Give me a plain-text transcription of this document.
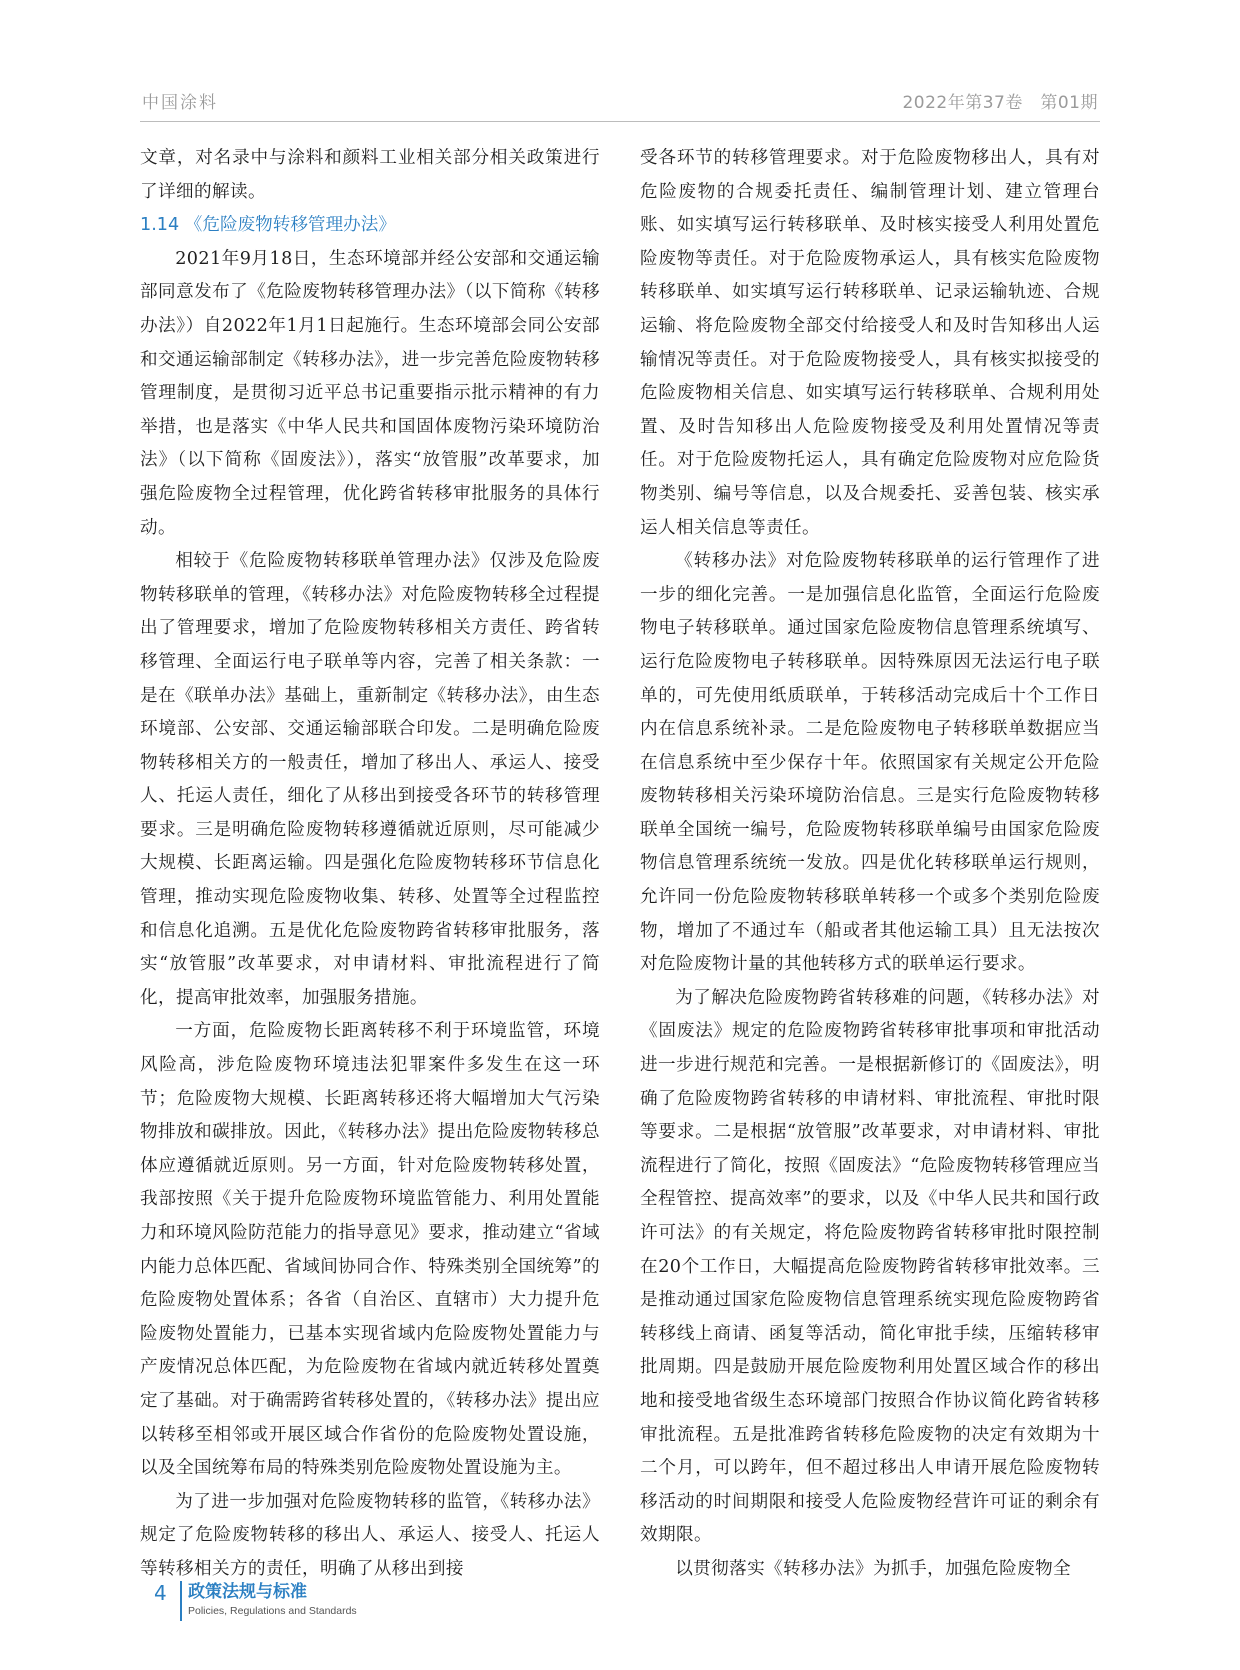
中国涂料	2022年第37卷　第01期

文章，对名录中与涂料和颜料工业相关部分相关政策进行了详细的解读。

1.14 《危险废物转移管理办法》

2021年9月18日，生态环境部并经公安部和交通运输部同意发布了《危险废物转移管理办法》（以下简称《转移办法》）自2022年1月1日起施行。生态环境部会同公安部和交通运输部制定《转移办法》，进一步完善危险废物转移管理制度，是贯彻习近平总书记重要指示批示精神的有力举措，也是落实《中华人民共和国固体废物污染环境防治法》（以下简称《固废法》），落实“放管服”改革要求，加强危险废物全过程管理，优化跨省转移审批服务的具体行动。

相较于《危险废物转移联单管理办法》仅涉及危险废物转移联单的管理，《转移办法》对危险废物转移全过程提出了管理要求，增加了危险废物转移相关方责任、跨省转移管理、全面运行电子联单等内容，完善了相关条款：一是在《联单办法》基础上，重新制定《转移办法》，由生态环境部、公安部、交通运输部联合印发。二是明确危险废物转移相关方的一般责任，增加了移出人、承运人、接受人、托运人责任，细化了从移出到接受各环节的转移管理要求。三是明确危险废物转移遵循就近原则，尽可能减少大规模、长距离运输。四是强化危险废物转移环节信息化管理，推动实现危险废物收集、转移、处置等全过程监控和信息化追溯。五是优化危险废物跨省转移审批服务，落实“放管服”改革要求，对申请材料、审批流程进行了简化，提高审批效率，加强服务措施。

一方面，危险废物长距离转移不利于环境监管，环境风险高，涉危险废物环境违法犯罪案件多发生在这一环节；危险废物大规模、长距离转移还将大幅增加大气污染物排放和碳排放。因此，《转移办法》提出危险废物转移总体应遵循就近原则。另一方面，针对危险废物转移处置，我部按照《关于提升危险废物环境监管能力、利用处置能力和环境风险防范能力的指导意见》要求，推动建立“省域内能力总体匹配、省域间协同合作、特殊类别全国统筹”的危险废物处置体系；各省（自治区、直辖市）大力提升危险废物处置能力，已基本实现省域内危险废物处置能力与产废情况总体匹配，为危险废物在省域内就近转移处置奠定了基础。对于确需跨省转移处置的，《转移办法》提出应以转移至相邻或开展区域合作省份的危险废物处置设施，以及全国统筹布局的特殊类别危险废物处置设施为主。

为了进一步加强对危险废物转移的监管，《转移办法》规定了危险废物转移的移出人、承运人、接受人、托运人等转移相关方的责任，明确了从移出到接

受各环节的转移管理要求。对于危险废物移出人，具有对危险废物的合规委托责任、编制管理计划、建立管理台账、如实填写运行转移联单、及时核实接受人利用处置危险废物等责任。对于危险废物承运人，具有核实危险废物转移联单、如实填写运行转移联单、记录运输轨迹、合规运输、将危险废物全部交付给接受人和及时告知移出人运输情况等责任。对于危险废物接受人，具有核实拟接受的危险废物相关信息、如实填写运行转移联单、合规利用处置、及时告知移出人危险废物接受及利用处置情况等责任。对于危险废物托运人，具有确定危险废物对应危险货物类别、编号等信息，以及合规委托、妥善包装、核实承运人相关信息等责任。

《转移办法》对危险废物转移联单的运行管理作了进一步的细化完善。一是加强信息化监管，全面运行危险废物电子转移联单。通过国家危险废物信息管理系统填写、运行危险废物电子转移联单。因特殊原因无法运行电子联单的，可先使用纸质联单，于转移活动完成后十个工作日内在信息系统补录。二是危险废物电子转移联单数据应当在信息系统中至少保存十年。依照国家有关规定公开危险废物转移相关污染环境防治信息。三是实行危险废物转移联单全国统一编号，危险废物转移联单编号由国家危险废物信息管理系统统一发放。四是优化转移联单运行规则，允许同一份危险废物转移联单转移一个或多个类别危险废物，增加了不通过车（船或者其他运输工具）且无法按次对危险废物计量的其他转移方式的联单运行要求。

为了解决危险废物跨省转移难的问题，《转移办法》对《固废法》规定的危险废物跨省转移审批事项和审批活动进一步进行规范和完善。一是根据新修订的《固废法》，明确了危险废物跨省转移的申请材料、审批流程、审批时限等要求。二是根据“放管服”改革要求，对申请材料、审批流程进行了简化，按照《固废法》“危险废物转移管理应当全程管控、提高效率”的要求，以及《中华人民共和国行政许可法》的有关规定，将危险废物跨省转移审批时限控制在20个工作日，大幅提高危险废物跨省转移审批效率。三是推动通过国家危险废物信息管理系统实现危险废物跨省转移线上商请、函复等活动，简化审批手续，压缩转移审批周期。四是鼓励开展危险废物利用处置区域合作的移出地和接受地省级生态环境部门按照合作协议简化跨省转移审批流程。五是批准跨省转移危险废物的决定有效期为十二个月，可以跨年，但不超过移出人申请开展危险废物转移活动的时间期限和接受人危险废物经营许可证的剩余有效期限。

以贯彻落实《转移办法》为抓手，加强危险废物全

4 政策法规与标准
Policies, Regulations and Standards
